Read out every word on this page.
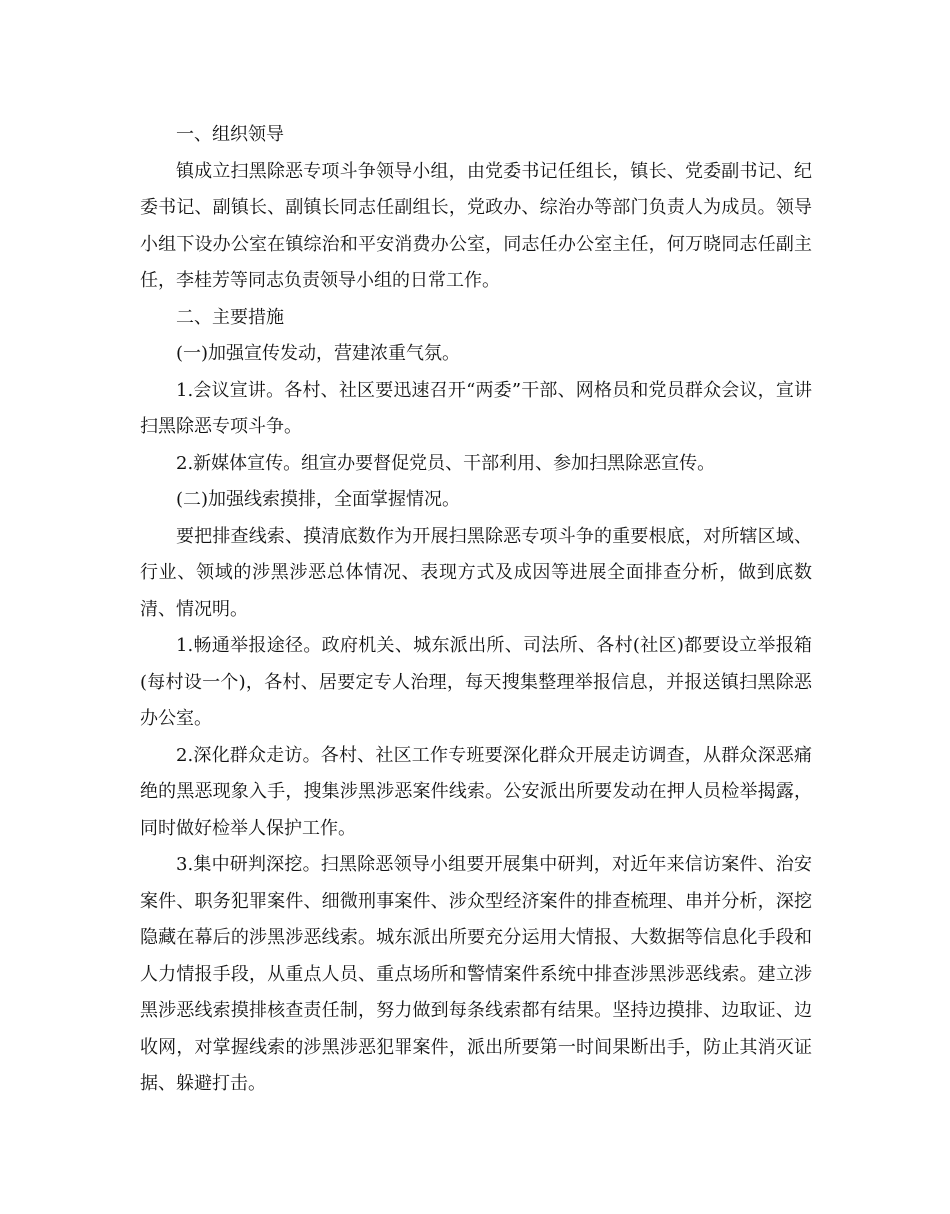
一、组织领导

镇成立扫黑除恶专项斗争领导小组，由党委书记任组长，镇长、党委副书记、纪委书记、副镇长、副镇长同志任副组长，党政办、综治办等部门负责人为成员。领导小组下设办公室在镇综治和平安消费办公室，同志任办公室主任，何万晓同志任副主任，李桂芳等同志负责领导小组的日常工作。

二、主要措施

(一)加强宣传发动，营建浓重气氛。

1.会议宣讲。各村、社区要迅速召开“两委”干部、网格员和党员群众会议，宣讲扫黑除恶专项斗争。

2.新媒体宣传。组宣办要督促党员、干部利用、参加扫黑除恶宣传。

(二)加强线索摸排，全面掌握情况。

要把排查线索、摸清底数作为开展扫黑除恶专项斗争的重要根底，对所辖区域、行业、领域的涉黑涉恶总体情况、表现方式及成因等进展全面排查分析，做到底数清、情况明。

1.畅通举报途径。政府机关、城东派出所、司法所、各村(社区)都要设立举报箱(每村设一个)，各村、居要定专人治理，每天搜集整理举报信息，并报送镇扫黑除恶办公室。

2.深化群众走访。各村、社区工作专班要深化群众开展走访调查，从群众深恶痛绝的黑恶现象入手，搜集涉黑涉恶案件线索。公安派出所要发动在押人员检举揭露，同时做好检举人保护工作。

3.集中研判深挖。扫黑除恶领导小组要开展集中研判，对近年来信访案件、治安案件、职务犯罪案件、细微刑事案件、涉众型经济案件的排查梳理、串并分析，深挖隐藏在幕后的涉黑涉恶线索。城东派出所要充分运用大情报、大数据等信息化手段和人力情报手段，从重点人员、重点场所和警情案件系统中排查涉黑涉恶线索。建立涉黑涉恶线索摸排核查责任制，努力做到每条线索都有结果。坚持边摸排、边取证、边收网，对掌握线索的涉黑涉恶犯罪案件，派出所要第一时间果断出手，防止其消灭证据、躲避打击。
